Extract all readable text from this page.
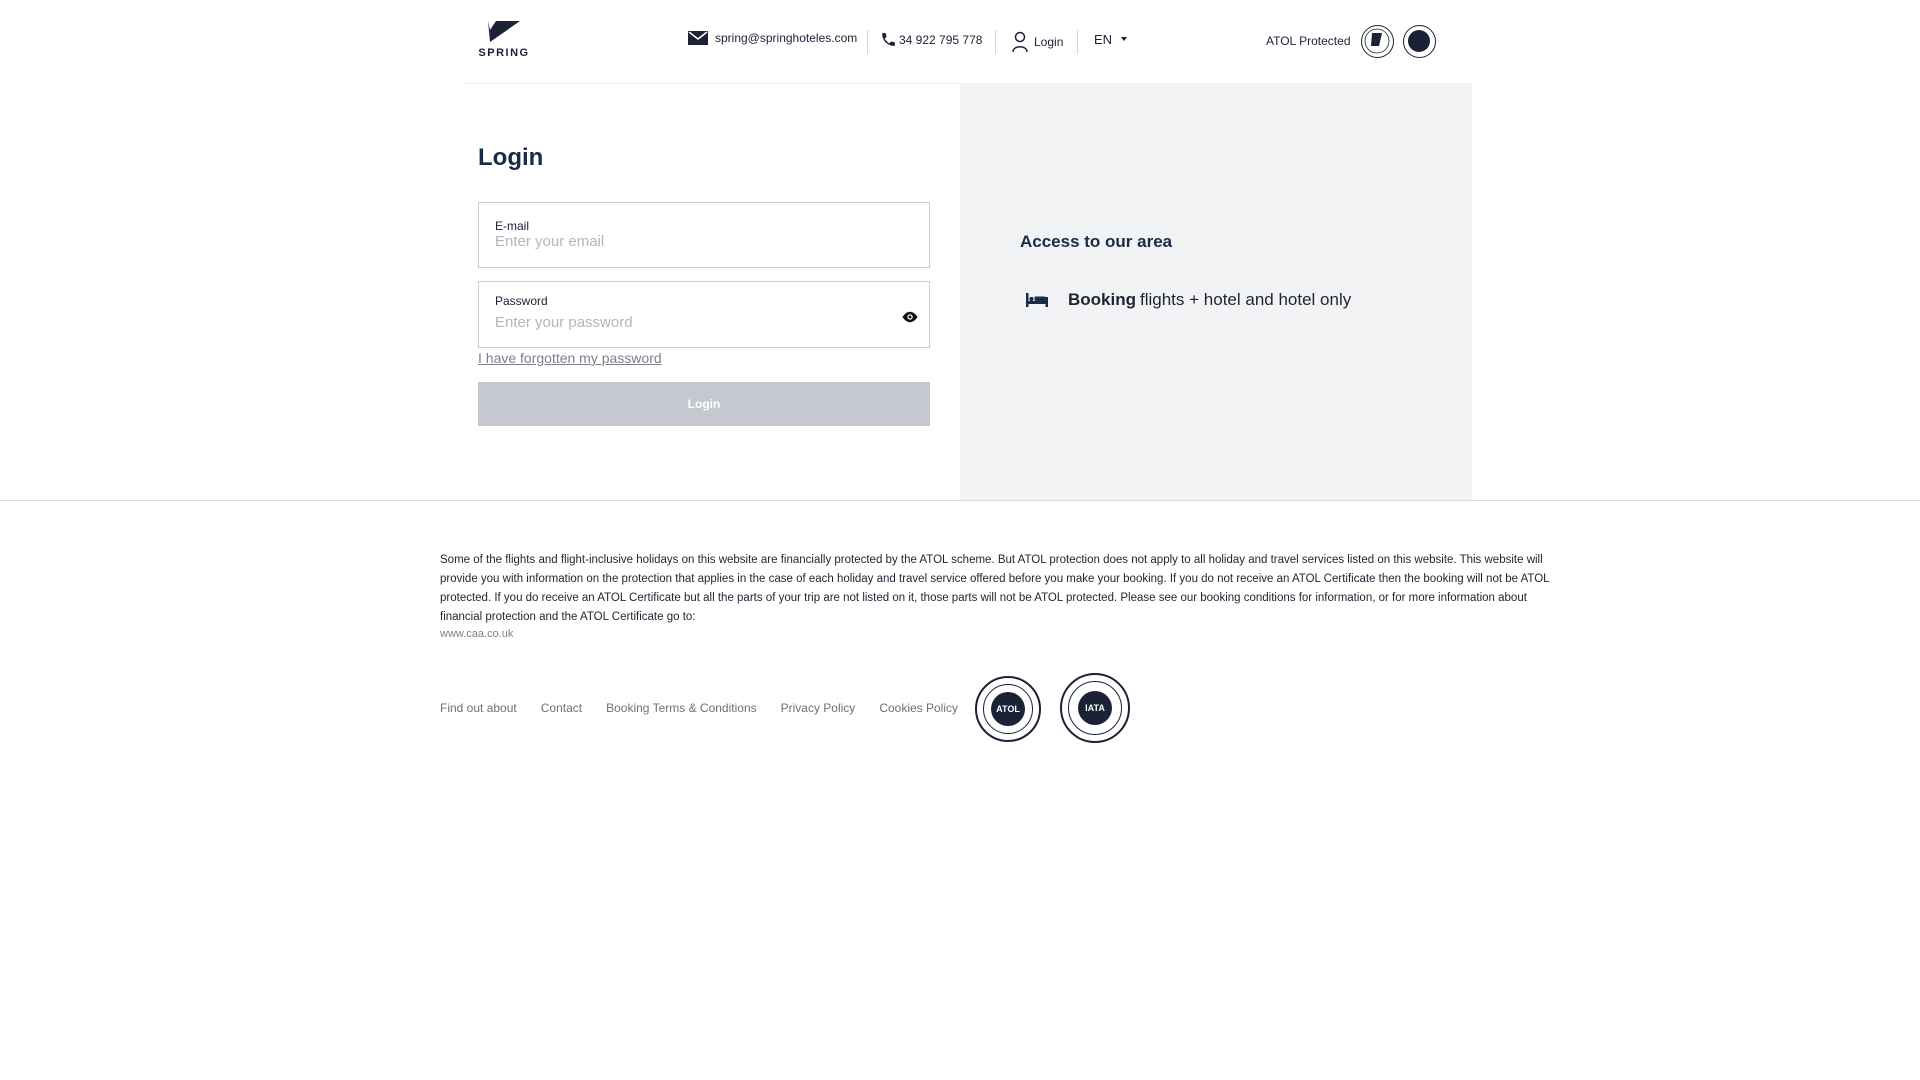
SPRING
spring@springhoteles.com	34 922 795 778	Login EN	ATOL Protected
Login
E-mail
Enter your email
Password
I have forgotten my password
Login
Access to our area
Booking flights + hotel and hotel only

Some of the flights and flight-inclusive holidays on this website are financially protected by the ATOL scheme. But ATOL protection does not apply to all holiday and travel services listed on this website. This website will provide you with information on the protection that applies in the case of each holiday and travel service offered before you make your booking. If you do not receive an ATOL Certificate then the booking will not be ATOL protected. If you do receive an ATOL Certificate but all the parts of your trip are not listed on it, those parts will not be ATOL protected. Please see our booking conditions for information, or for more information about financial protection and the ATOL Certificate go to:

www.caa.co.uk
Find out about Contact Booking Terms & Conditions Privacy Policy Cookies Policy	ATOL	IATA
